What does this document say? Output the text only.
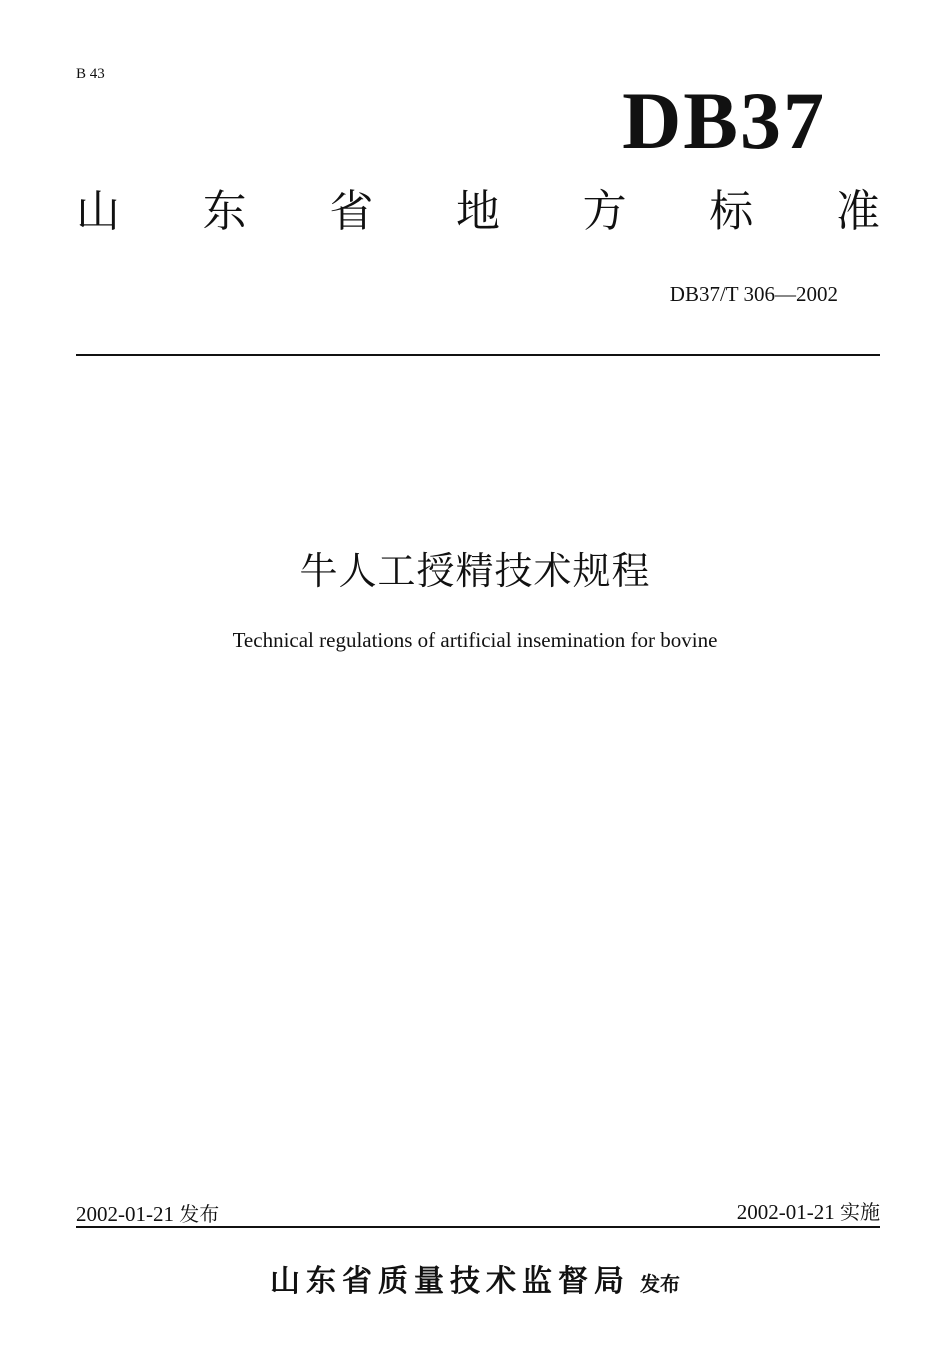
B 43
DB37
山 东 省 地 方 标 准
DB37/T 306—2002
牛人工授精技术规程
Technical regulations of artificial insemination for bovine
2002-01-21 发布	2002-01-21 实施
山东省质量技术监督局 发布
